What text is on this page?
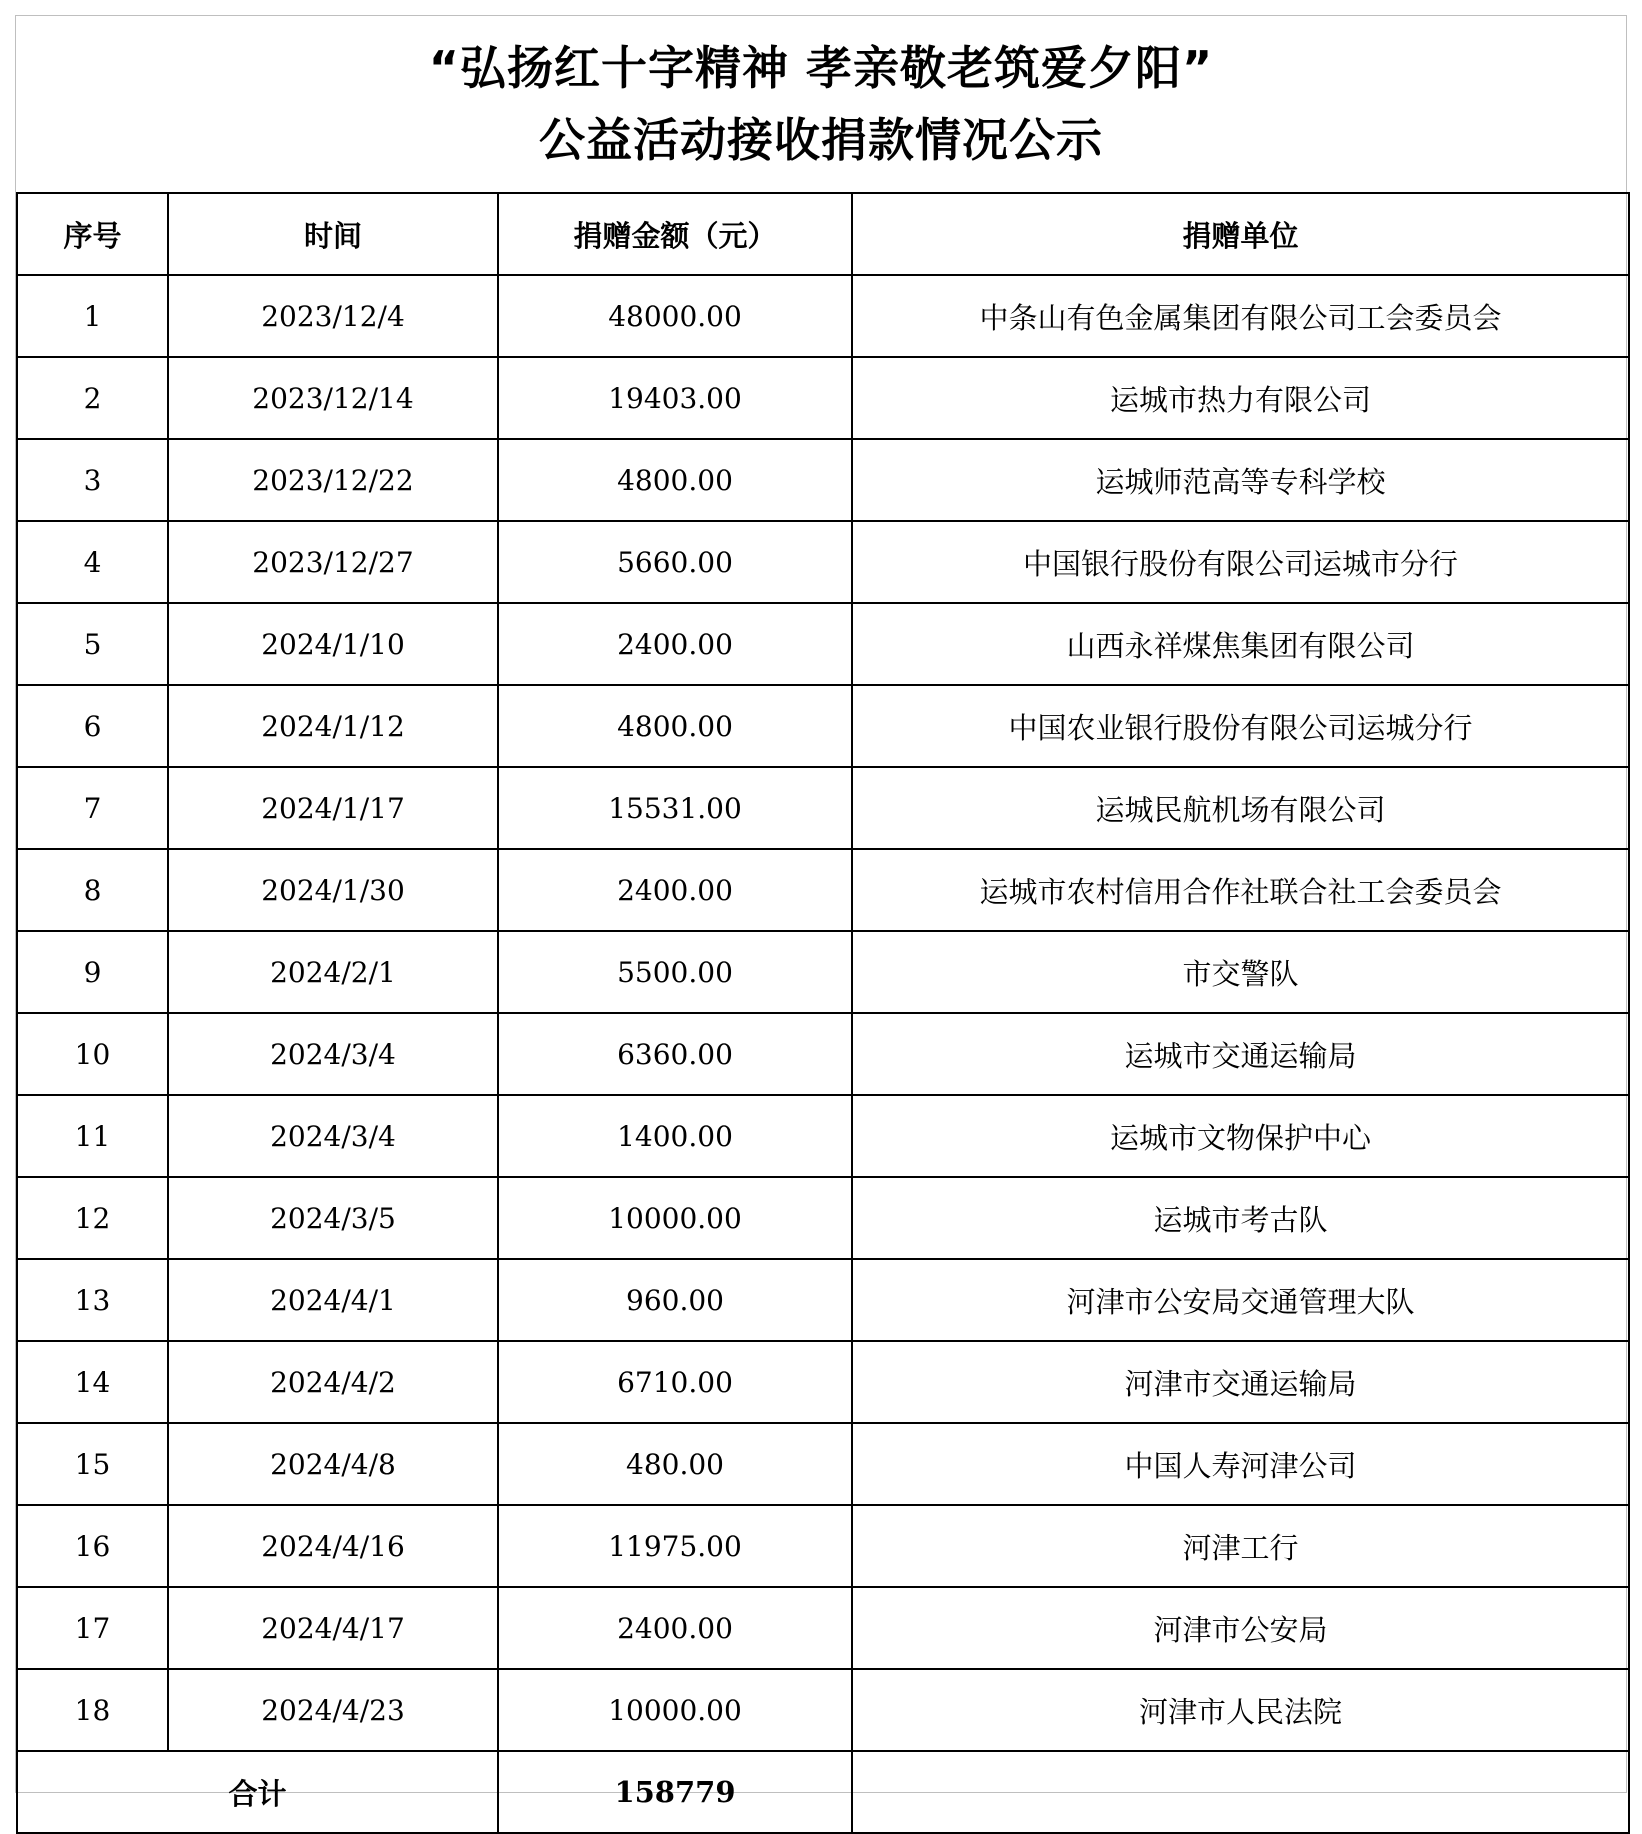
“弘扬红十字精神 孝亲敬老筑爱夕阳”
公益活动接收捐款情况公示
序号	时间	捐赠金额（元）	捐赠单位
1	2023/12/4	48000.00	中条山有色金属集团有限公司工会委员会
2	2023/12/14	19403.00	运城市热力有限公司
3	2023/12/22	4800.00	运城师范高等专科学校
4	2023/12/27	5660.00	中国银行股份有限公司运城市分行
5	2024/1/10	2400.00	山西永祥煤焦集团有限公司
6	2024/1/12	4800.00	中国农业银行股份有限公司运城分行
7	2024/1/17	15531.00	运城民航机场有限公司
8	2024/1/30	2400.00	运城市农村信用合作社联合社工会委员会
9	2024/2/1	5500.00	市交警队
10	2024/3/4	6360.00	运城市交通运输局
11	2024/3/4	1400.00	运城市文物保护中心
12	2024/3/5	10000.00	运城市考古队
13	2024/4/1	960.00	河津市公安局交通管理大队
14	2024/4/2	6710.00	河津市交通运输局
15	2024/4/8	480.00	中国人寿河津公司
16	2024/4/16	11975.00	河津工行
17	2024/4/17	2400.00	河津市公安局
18	2024/4/23	10000.00	河津市人民法院
合计		158779	
